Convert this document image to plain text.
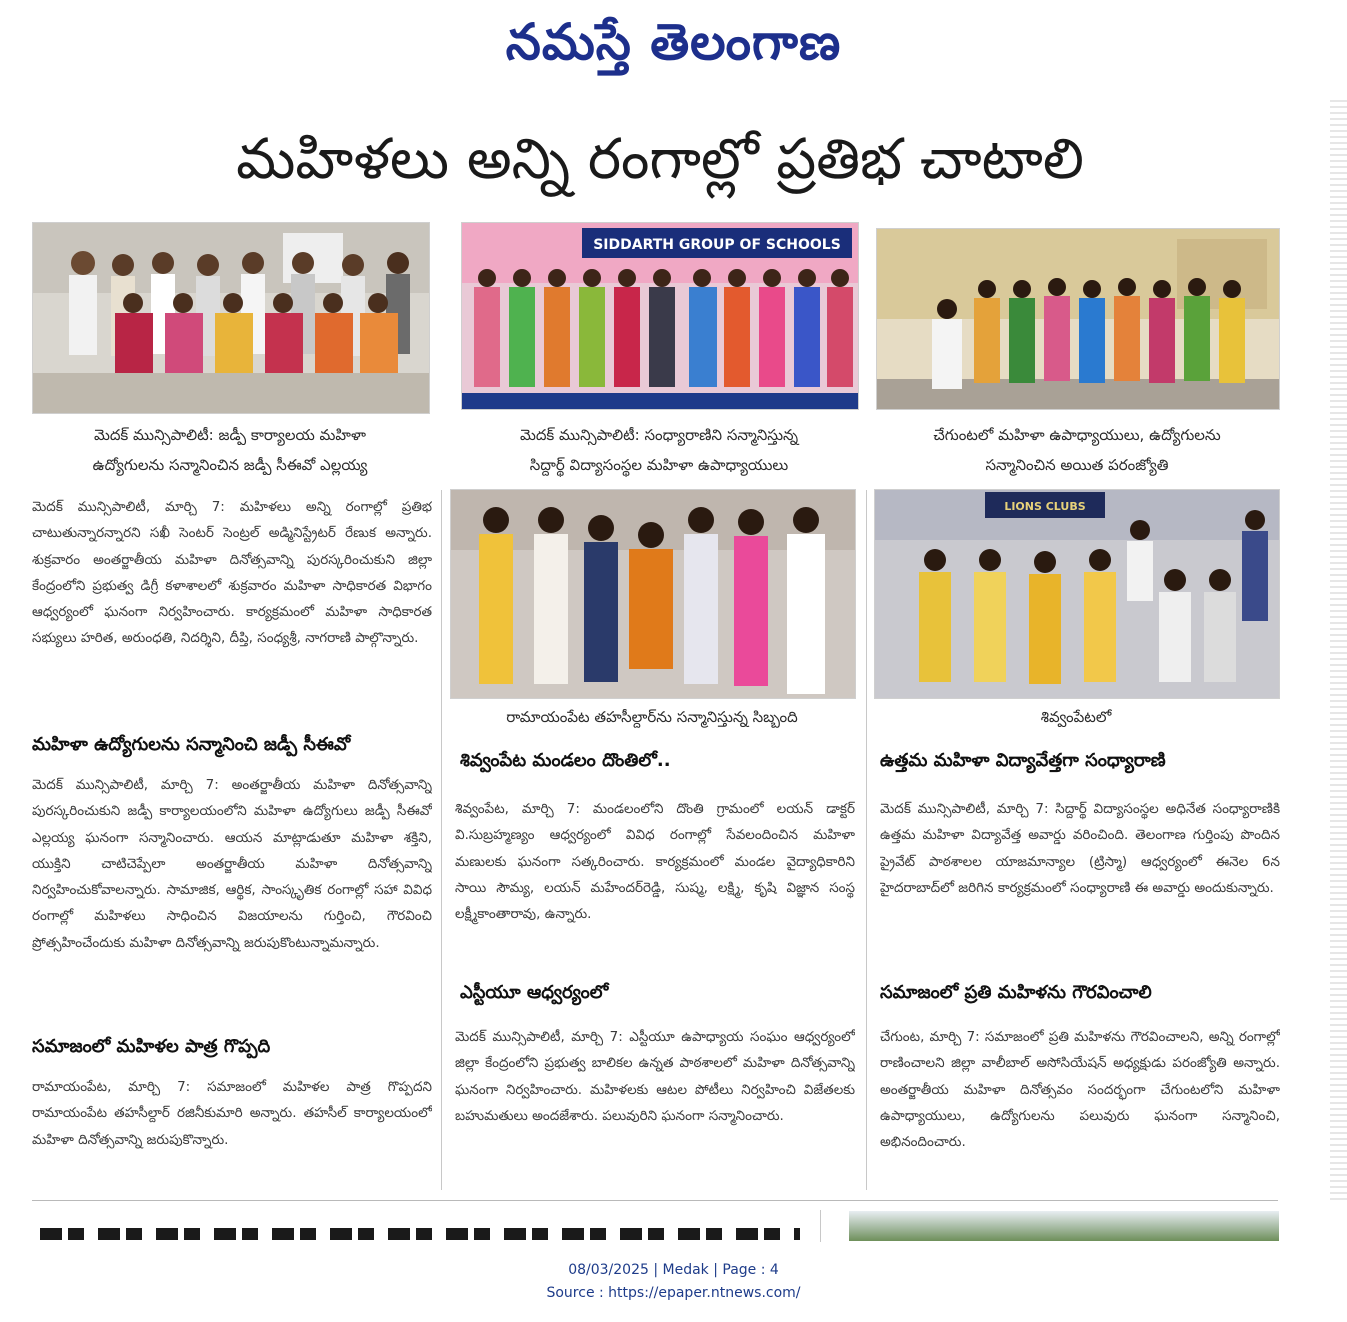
నమస్తే తెలంగాణ
మహిళలు అన్ని రంగాల్లో ప్రతిభ చాటాలి
మెదక్ మున్సిపాలిటీ: జడ్పీ కార్యాలయ మహిళా
ఉద్యోగులను సన్మానించిన జడ్పీ సీఈవో ఎల్లయ్య
SIDDARTH GROUP OF SCHOOLS
మెదక్ మున్సిపాలిటీ: సంధ్యారాణిని సన్మానిస్తున్న
సిద్దార్థ్ విద్యాసంస్థల మహిళా ఉపాధ్యాయులు
చేగుంటలో మహిళా ఉపాధ్యాయులు, ఉద్యోగులను
సన్మానించిన అయిత పరంజ్యోతి
రామాయంపేట తహసీల్దార్‌ను సన్మానిస్తున్న సిబ్బంది
LIONS CLUBS
శివ్వంపేటలో
మెదక్ మున్సిపాలిటీ, మార్చి 7: మహిళలు అన్ని రంగాల్లో ప్రతిభ చాటుతున్నారన్నారని సఖీ సెంటర్ సెంట్రల్ అడ్మినిస్ట్రేటర్ రేణుక అన్నారు. శుక్రవారం అంతర్జాతీయ మహిళా దినోత్సవాన్ని పురస్కరించుకుని జిల్లా కేంద్రంలోని ప్రభుత్వ డిగ్రీ కళాశాలలో శుక్రవారం మహిళా సాధికారత విభాగం ఆధ్వర్యంలో ఘనంగా నిర్వహించారు. కార్యక్రమంలో మహిళా సాధికారత సభ్యులు హరిత, అరుంధతి, నిదర్శిని, దీప్తి, సంధ్యశ్రీ, నాగరాణి పాల్గొన్నారు.
మహిళా ఉద్యోగులను సన్మానించి జడ్పీ సీఈవో
మెదక్ మున్సిపాలిటీ, మార్చి 7: అంతర్జాతీయ మహిళా దినోత్సవాన్ని పురస్కరించుకుని జడ్పీ కార్యాలయంలోని మహిళా ఉద్యోగులు జడ్పీ సీఈవో ఎల్లయ్య ఘనంగా సన్మానించారు. ఆయన మాట్లాడుతూ మహిళా శక్తిని, యుక్తిని చాటిచెప్పేలా అంతర్జాతీయ మహిళా దినోత్సవాన్ని నిర్వహించుకోవాలన్నారు. సామాజిక, ఆర్థిక, సాంస్కృతిక రంగాల్లో సహా వివిధ రంగాల్లో మహిళలు సాధించిన విజయాలను గుర్తించి, గౌరవించి ప్రోత్సహించేందుకు మహిళా దినోత్సవాన్ని జరుపుకొంటున్నామన్నారు.
సమాజంలో మహిళల పాత్ర గొప్పది
రామాయంపేట, మార్చి 7: సమాజంలో మహిళల పాత్ర గొప్పదని రామాయంపేట తహసీల్దార్ రజినీకుమారి అన్నారు. తహసీల్ కార్యాలయంలో మహిళా దినోత్సవాన్ని జరుపుకొన్నారు.
శివ్వంపేట మండలం దొంతిలో..
శివ్వంపేట, మార్చి 7: మండలంలోని దొంతి గ్రామంలో లయన్ డాక్టర్ వి.సుబ్రహ్మణ్యం ఆధ్వర్యంలో వివిధ రంగాల్లో సేవలందించిన మహిళా మణులకు ఘనంగా సత్కరించారు. కార్యక్రమంలో మండల వైద్యాధికారిని సాయి సౌమ్య, లయన్ మహేందర్‌రెడ్డి, సుష్మ, లక్ష్మి, కృషి విజ్ఞాన సంస్థ లక్ష్మీకాంతారావు, ఉన్నారు.
ఎస్టీయూ ఆధ్వర్యంలో
మెదక్ మున్సిపాలిటీ, మార్చి 7: ఎస్టీయూ ఉపాధ్యాయ సంఘం ఆధ్వర్యంలో జిల్లా కేంద్రంలోని ప్రభుత్వ బాలికల ఉన్నత పాఠశాలలో మహిళా దినోత్సవాన్ని ఘనంగా నిర్వహించారు. మహిళలకు ఆటల పోటీలు నిర్వహించి విజేతలకు బహుమతులు అందజేశారు. పలువురిని ఘనంగా సన్మానించారు.
ఉత్తమ మహిళా విద్యావేత్తగా సంధ్యారాణి
మెదక్ మున్సిపాలిటీ, మార్చి 7: సిద్దార్థ్ విద్యాసంస్థల అధినేత సంధ్యారాణికి ఉత్తమ మహిళా విద్యావేత్త అవార్డు వరించింది. తెలంగాణ గుర్తింపు పొందిన ప్రైవేట్ పాఠశాలల యాజమాన్యాల (ట్రిస్మా) ఆధ్వర్యంలో ఈనెల 6న హైదరాబాద్‌లో జరిగిన కార్యక్రమంలో సంధ్యారాణి ఈ అవార్డు అందుకున్నారు.
సమాజంలో ప్రతి మహిళను గౌరవించాలి
చేగుంట, మార్చి 7: సమాజంలో ప్రతి మహిళను గౌరవించాలని, అన్ని రంగాల్లో రాణించాలని జిల్లా వాలీబాల్ అసోసియేషన్ అధ్యక్షుడు పరంజ్యోతి అన్నారు. అంతర్జాతీయ మహిళా దినోత్సవం సందర్భంగా చేగుంటలోని మహిళా ఉపాధ్యాయులు, ఉద్యోగులను పలువురు ఘనంగా సన్మానించి, అభినందించారు.
08/03/2025 | Medak | Page : 4
Source : https://epaper.ntnews.com/
